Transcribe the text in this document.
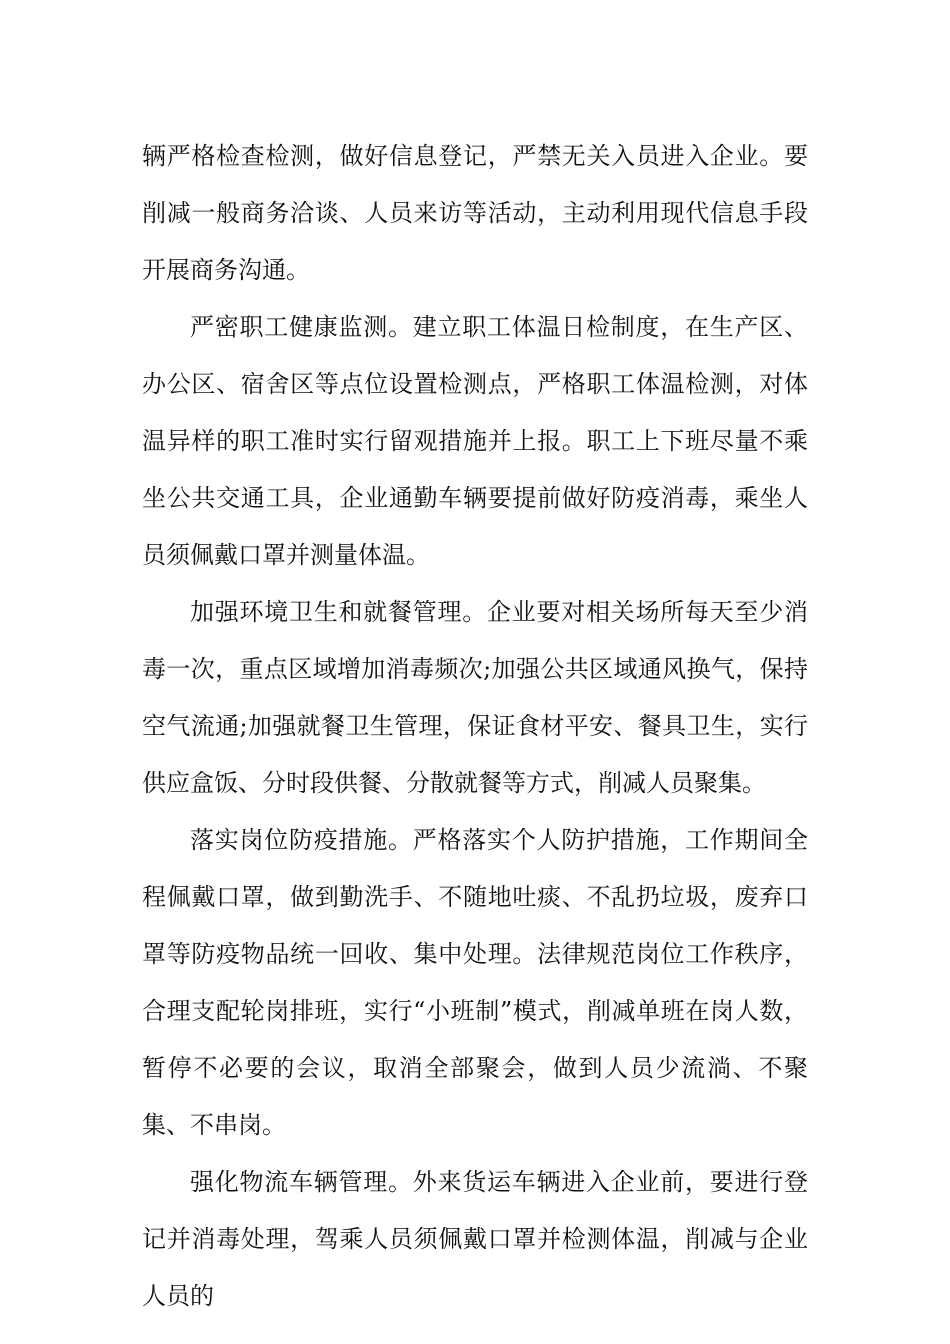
辆严格检查检测，做好信息登记，严禁无关入员进入企业。要削减一般商务洽谈、人员来访等活动，主动利用现代信息手段开展商务沟通。

严密职工健康监测。建立职工体温日检制度，在生产区、办公区、宿舍区等点位设置检测点，严格职工体温检测，对体温异样的职工准时实行留观措施并上报。职工上下班尽量不乘坐公共交通工具，企业通勤车辆要提前做好防疫消毒，乘坐人员须佩戴口罩并测量体温。

加强环境卫生和就餐管理。企业要对相关场所每天至少消毒一次，重点区域增加消毒频次;加强公共区域通风换气，保持空气流通;加强就餐卫生管理，保证食材平安、餐具卫生，实行供应盒饭、分时段供餐、分散就餐等方式，削减人员聚集。

落实岗位防疫措施。严格落实个人防护措施，工作期间全程佩戴口罩，做到勤洗手、不随地吐痰、不乱扔垃圾，废弃口罩等防疫物品统一回收、集中处理。法律规范岗位工作秩序，合理支配轮岗排班，实行“小班制”模式，削减单班在岗人数，暂停不必要的会议，取消全部聚会，做到人员少流淌、不聚集、不串岗。

强化物流车辆管理。外来货运车辆进入企业前，要进行登记并消毒处理，驾乘人员须佩戴口罩并检测体温，削减与企业人员的
